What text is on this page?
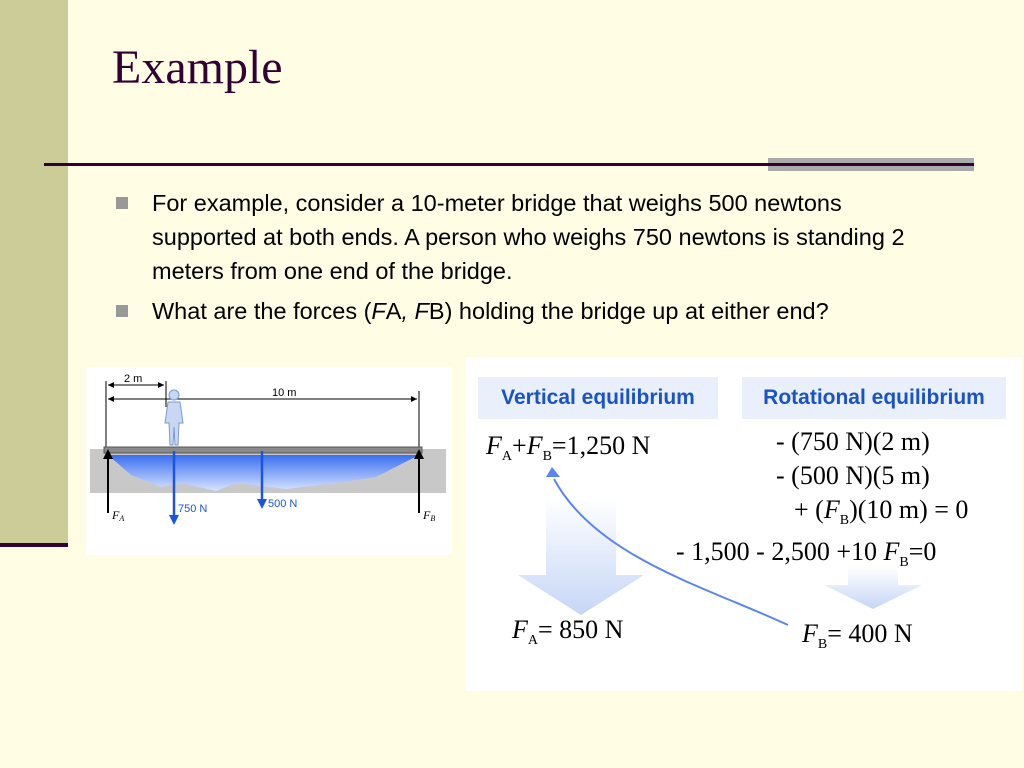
Example
For example, consider a 10-meter bridge that weighs 500 newtons supported at both ends. A person who weighs 750 newtons is standing 2 meters from one end of the bridge.
What are the forces (FA, FB) holding the bridge up at either end?
2 m
10 m
750 N	500 N
FA	FB
Vertical equilibrium	Rotational equilibrium
$F_A+F_B=1,250$ N	- (750 N)(2 m)
- (500 N)(5 m)
+ $(F_B)(10$ m) = 0
- 1,500 - 2,500 +10 $F_B=0$
$F_A= 850$ N	$F_B= 400$ N
